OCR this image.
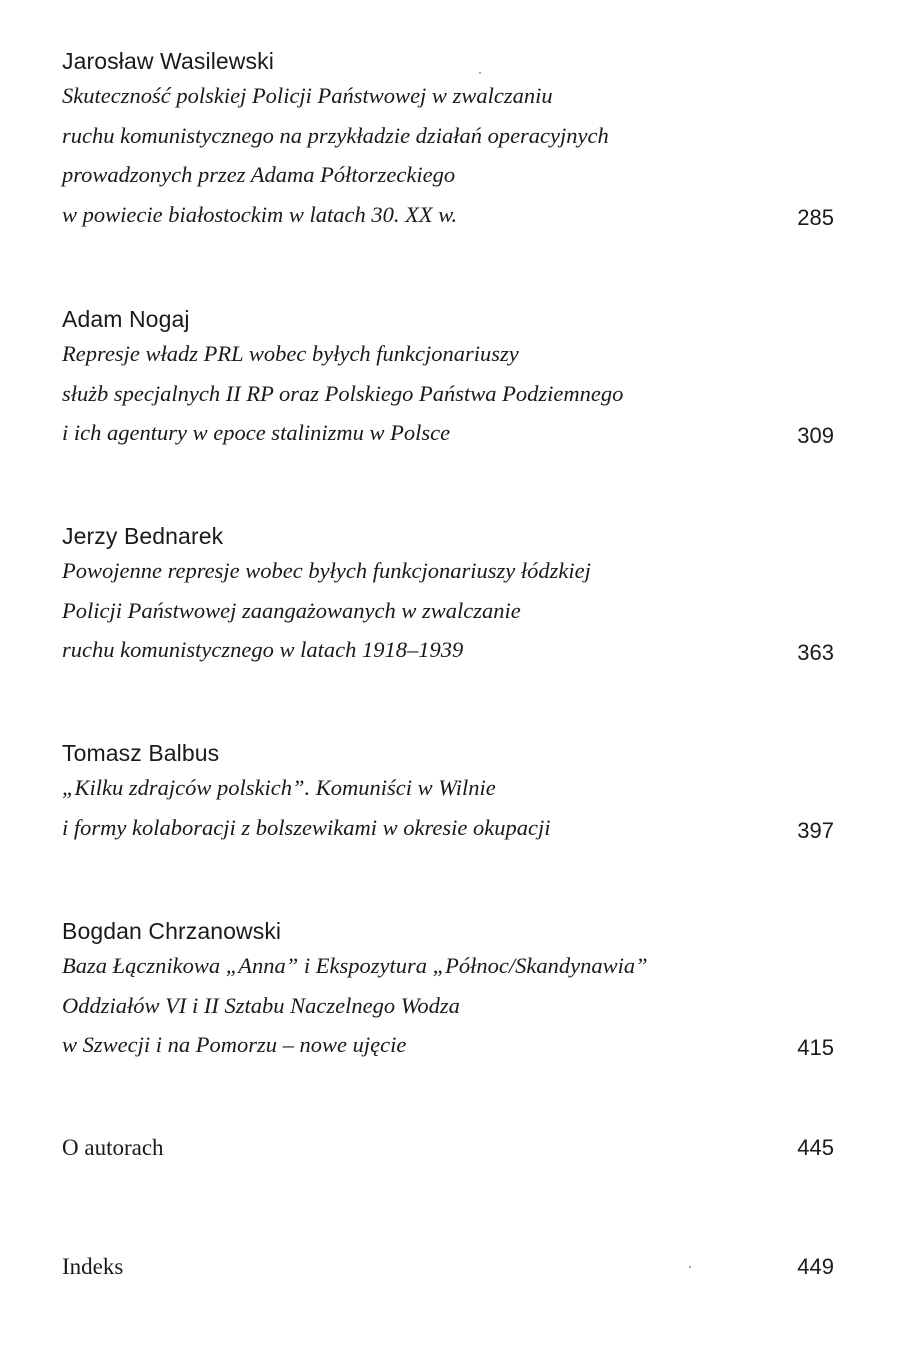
Jarosław Wasilewski
Skuteczność polskiej Policji Państwowej w zwalczaniu
ruchu komunistycznego na przykładzie działań operacyjnych
prowadzonych przez Adama Półtorzeckiego
w powiecie białostockim w latach 30. XX w.	285
Adam Nogaj
Represje władz PRL wobec byłych funkcjonariuszy
służb specjalnych II RP oraz Polskiego Państwa Podziemnego
i ich agentury w epoce stalinizmu w Polsce	309
Jerzy Bednarek
Powojenne represje wobec byłych funkcjonariuszy łódzkiej
Policji Państwowej zaangażowanych w zwalczanie
ruchu komunistycznego w latach 1918–1939	363
Tomasz Balbus
„Kilku zdrajców polskich”. Komuniści w Wilnie
i formy kolaboracji z bolszewikami w okresie okupacji	397
Bogdan Chrzanowski
Baza Łącznikowa „Anna” i Ekspozytura „Północ/Skandynawia”
Oddziałów VI i II Sztabu Naczelnego Wodza
w Szwecji i na Pomorzu – nowe ujęcie	415
O autorach	445
Indeks	449
